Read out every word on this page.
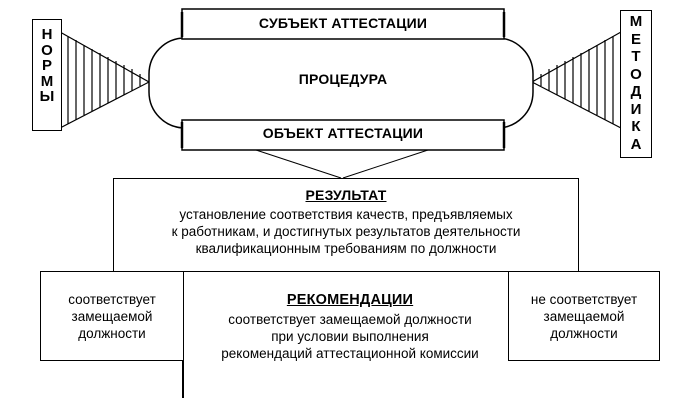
Н
О
Р
М
Ы
М
Е
Т
О
Д
И
К
А
СУБЪЕКТ АТТЕСТАЦИИ
ПРОЦЕДУРА
ОБЪЕКТ АТТЕСТАЦИИ
РЕЗУЛЬТАТ
установление соответствия качеств, предъявляемых
к работникам, и достигнутых результатов деятельности
квалификационным требованиям по должности
соответствует
замещаемой
должности
РЕКОМЕНДАЦИИ
соответствует замещаемой должности
при условии выполнения
рекомендаций аттестационной комиссии
не соответствует
замещаемой
должности
